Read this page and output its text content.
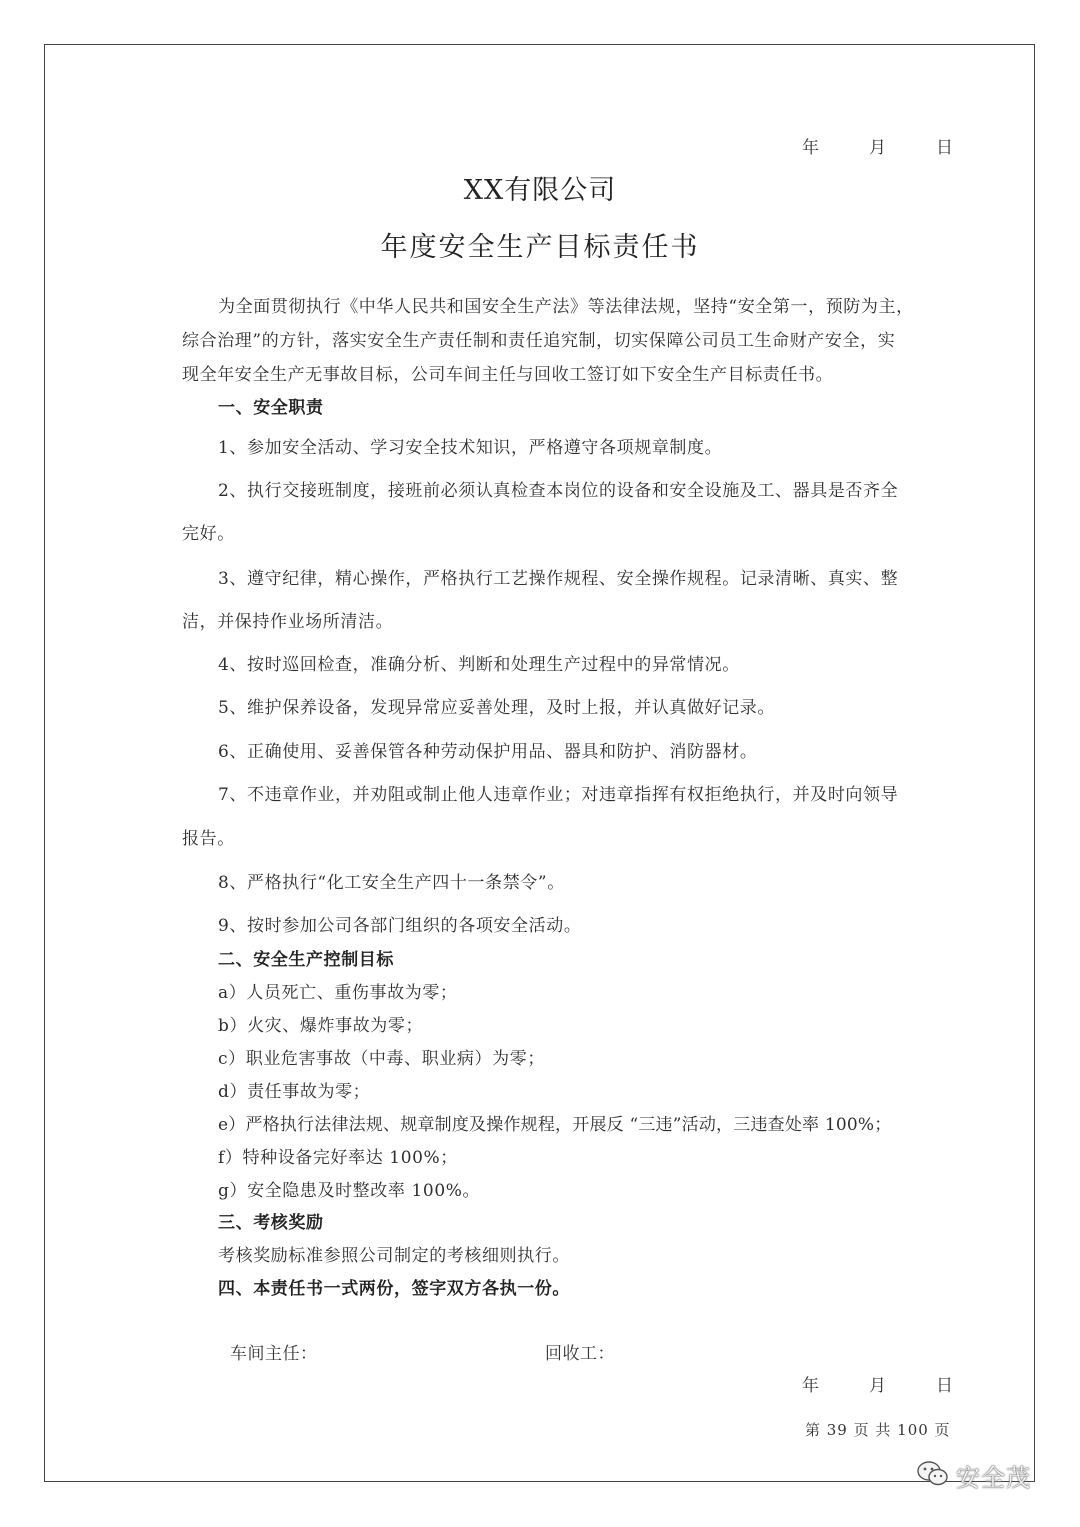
年	月	日
XX有限公司
年度安全生产目标责任书
为全面贯彻执行《中华人民共和国安全生产法》等法律法规，坚持“安全第一，预防为主，
综合治理”的方针，落实安全生产责任制和责任追究制，切实保障公司员工生命财产安全，实
现全年安全生产无事故目标，公司车间主任与回收工签订如下安全生产目标责任书。
一、安全职责
1、参加安全活动、学习安全技术知识，严格遵守各项规章制度。
2、执行交接班制度，接班前必须认真检查本岗位的设备和安全设施及工、器具是否齐全
完好。
3、遵守纪律，精心操作，严格执行工艺操作规程、安全操作规程。记录清晰、真实、整
洁，并保持作业场所清洁。
4、按时巡回检查，准确分析、判断和处理生产过程中的异常情况。
5、维护保养设备，发现异常应妥善处理，及时上报，并认真做好记录。
6、正确使用、妥善保管各种劳动保护用品、器具和防护、消防器材。
7、不违章作业，并劝阻或制止他人违章作业；对违章指挥有权拒绝执行，并及时向领导
报告。
8、严格执行“化工安全生产四十一条禁令”。
9、按时参加公司各部门组织的各项安全活动。
二、安全生产控制目标
a）人员死亡、重伤事故为零；
b）火灾、爆炸事故为零；
c）职业危害事故（中毒、职业病）为零；
d）责任事故为零；
e）严格执行法律法规、规章制度及操作规程，开展反 “三违”活动，三违查处率 100%；
f）特种设备完好率达 100%；
g）安全隐患及时整改率 100%。
三、考核奖励
考核奖励标准参照公司制定的考核细则执行。
四、本责任书一式两份，签字双方各执一份。
车间主任：	回收工：
年	月	日
第 39 页 共 100 页
安全茂
